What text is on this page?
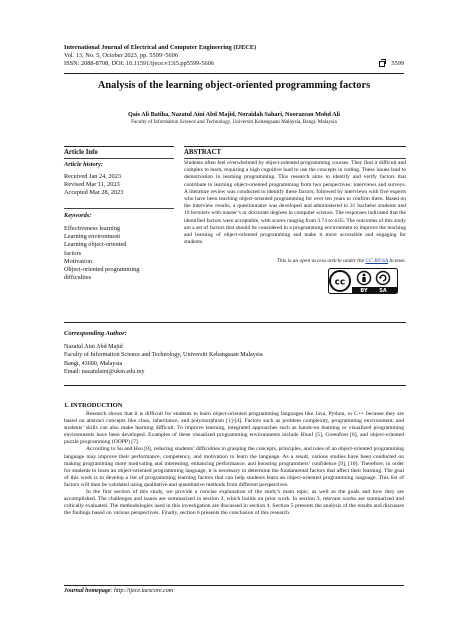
International Journal of Electrical and Computer Engineering (IJECE)
Vol. 13, No. 5, October 2023, pp. 5599~5606
ISSN: 2088-8708, DOI: 10.11591/ijece.v13i5.pp5599-5606	5599
Analysis of the learning object-oriented programming factors
Qais Ali Batiha, Nazatul Aini Abd Majid, Noraidah Sahari, Noorazean Mohd Ali
Faculty of Information Science and Technology, Universiti Kebangsaan Malaysia, Bangi, Malaysia
Article Info
Article history:
Received Jan 24, 2023
Revised Mar 11, 2023
Accepted Mar 28, 2023
Keywords:
Effectiveness learning
Learning environment
Learning object-oriented
factors
Motivation
Object-oriented programming
difficulties
ABSTRACT
Students often feel overwhelmed by object-oriented programming courses. They find it difficult and complex to learn, requiring a high cognitive load to use the concepts in coding. These issues lead to demotivation in learning programming. This research aims to identify and verify factors that contribute to learning object-oriented programming from two perspectives: interviews and surveys. A literature review was conducted to identify these factors, followed by interviews with five experts who have been teaching object-oriented programming for over ten years to confirm them. Based on the interview results, a questionnaire was developed and administered to 31 bachelor students and 19 lecturers with master’s or doctorate degrees in computer science. The responses indicated that the identified factors were acceptable, with scores ranging from 3.74 to 4.65. The outcomes of this study are a set of factors that should be considered in a programming environment to improve the teaching and learning of object-oriented programming and make it more accessible and engaging for students.
This is an open access article under the CC BY-SA license.
cc
BY SA
Corresponding Author:
Nazatul Aini Abd Majid
Faculty of Information Science and Technology, Universiti Kebangsaan Malaysia
Bangi, 43600, Malaysia
Email: nazatulaini@ukm.edu.my
1. INTRODUCTION

Research shows that it is difficult for students to learn object-oriented programming languages like Java, Python, or C++ because they are based on abstract concepts like class, inheritance, and polymorphism [1]-[4]. Factors such as problem complexity, programming environment, and students’ skills can also make learning difficult. To improve learning, integrated approaches such as hands-on learning or visualized programming environments have been developed. Examples of these visualized programming environments include BlueJ [5], Greenfoot [6], and object-oriented puzzle programming (OOPP) [7].

According to Su and Hsu [8], reducing students’ difficulties in grasping the concepts, principles, and rules of an object-oriented programming language may improve their performance, competency, and motivation to learn the language. As a result, various studies have been conducted on making programming more motivating and interesting, enhancing performance, and boosting programmers’ confidence [9], [10]. Therefore, in order for students to learn an object-oriented programming language, it is necessary to determine the fundamental factors that affect their learning. The goal of this work is to develop a list of programming learning factors that can help students learn an object-oriented programming language. This list of factors will then be validated using qualitative and quantitative methods from different perspectives.

In the first section of this study, we provide a concise explanation of the study’s main topic, as well as the goals and how they are accomplished. The challenges and issues are summarized in section 2, which builds on prior work. In section 3, relevant works are summarized and critically evaluated. The methodologies used in this investigation are discussed in section 4. Section 5 presents the analysis of the results and discusses the findings based on various perspectives. Finally, section 6 presents the conclusion of this research.

Journal homepage: http://ijece.iaescore.com
